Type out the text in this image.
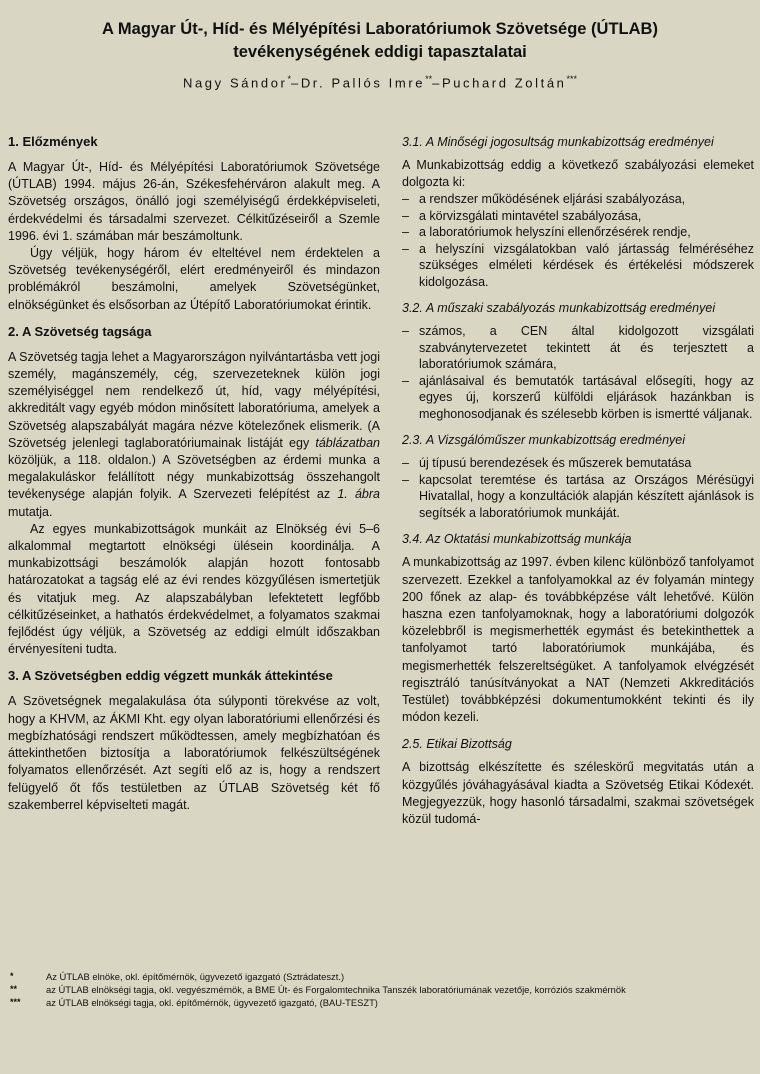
A Magyar Út-, Híd- és Mélyépítési Laboratóriumok Szövetsége (ÚTLAB)
tevékenységének eddigi tapasztalatai
Nagy Sándor*–Dr. Pallós Imre**–Puchard Zoltán***
1. Előzmények

A Magyar Út-, Híd- és Mélyépítési Laboratóriumok Szövetsége (ÚTLAB) 1994. május 26-án, Székesfehérváron alakult meg. A Szövetség országos, önálló jogi személyiségű érdekképviseleti, érdekvédelmi és társadalmi szervezet. Célkitűzéseiről a Szemle 1996. évi 1. számában már beszámoltunk.

Úgy véljük, hogy három év elteltével nem érdektelen a Szövetség tevékenységéről, elért eredményeiről és mindazon problémákról beszámolni, amelyek Szövetségünket, elnökségünket és elsősorban az Útépítő Laboratóriumokat érintik.

2. A Szövetség tagsága

A Szövetség tagja lehet a Magyarországon nyilvántartásba vett jogi személy, magánszemély, cég, szervezeteknek külön jogi személyiséggel nem rendelkező út, híd, vagy mélyépítési, akkreditált vagy egyéb módon minősített laboratóriuma, amelyek a Szövetség alapszabályát magára nézve kötelezőnek elismerik. (A Szövetség jelenlegi taglaboratóriumainak listáját egy táblázatban közöljük, a 118. oldalon.) A Szövetségben az érdemi munka a megalakuláskor felállított négy munkabizottság összehangolt tevékenysége alapján folyik. A Szervezeti felépítést az 1. ábra mutatja.

Az egyes munkabizottságok munkáit az Elnökség évi 5–6 alkalommal megtartott elnökségi ülésein koordinálja. A munkabizottsági beszámolók alapján hozott fontosabb határozatokat a tagság elé az évi rendes közgyűlésen ismertetjük és vitatjuk meg. Az alapszabályban lefektetett legfőbb célkitűzéseinket, a hathatós érdekvédelmet, a folyamatos szakmai fejlődést úgy véljük, a Szövetség az eddigi elmúlt időszakban érvényesíteni tudta.

3. A Szövetségben eddig végzett munkák áttekintése

A Szövetségnek megalakulása óta súlyponti törekvése az volt, hogy a KHVM, az ÁKMI Kht. egy olyan laboratóriumi ellenőrzési és megbízhatósági rendszert működtessen, amely megbízhatóan és áttekinthetően biztosítja a laboratóriumok felkészültségének folyamatos ellenőrzését. Azt segíti elő az is, hogy a rendszert felügyelő őt fős testületben az ÚTLAB Szövetség két fő szakemberrel képviselteti magát.

3.1. A Minőségi jogosultság munkabizottság eredményei

A Munkabizottság eddig a következő szabályozási elemeket dolgozta ki:

– a rendszer működésének eljárási szabályozása,
– a körvizsgálati mintavétel szabályozása,
– a laboratóriumok helyszíni ellenőrzésérek rendje,
– a helyszíni vizsgálatokban való jártasság felméréséhez szükséges elméleti kérdések és értékelési módszerek kidolgozása.
3.2. A műszaki szabályozás munkabizottság eredményei
– számos, a CEN által kidolgozott vizsgálati szabványtervezetet tekintett át és terjesztett a laboratóriumok számára,
– ajánlásaival és bemutatók tartásával elősegíti, hogy az egyes új, korszerű külföldi eljárások hazánkban is meghonosodjanak és szélesebb körben is ismertté váljanak.
2.3. A Vizsgálóműszer munkabizottság eredményei
– új típusú berendezések és műszerek bemutatása
– kapcsolat teremtése és tartása az Országos Mérésügyi Hivatallal, hogy a konzultációk alapján készített ajánlások is segítsék a laboratóriumok munkáját.
3.4. Az Oktatási munkabizottság munkája

A munkabizottság az 1997. évben kilenc különböző tanfolyamot szervezett. Ezekkel a tanfolyamokkal az év folyamán mintegy 200 főnek az alap- és továbbképzése vált lehetővé. Külön haszna ezen tanfolyamoknak, hogy a laboratóriumi dolgozók közelebbről is megismerhették egymást és betekinthettek a tanfolyamot tartó laboratóriumok munkájába, és megismerhették felszereltségüket. A tanfolyamok elvégzését regisztráló tanúsítványokat a NAT (Nemzeti Akkreditációs Testület) továbbképzési dokumentumokként tekinti és ily módon kezeli.

2.5. Etikai Bizottság

A bizottság elkészítette és széleskörű megvitatás után a közgyűlés jóváhagyásával kiadta a Szövetség Etikai Kódexét. Megjegyezzük, hogy hasonló társadalmi, szakmai szövetségek közül tudomá-

*	Az ÚTLAB elnöke, okl. építőmérnök, ügyvezető igazgató (Sztrádateszt.)
**	az ÚTLAB elnökségi tagja, okl. vegyészmérnök, a BME Út- és Forgalomtechnika Tanszék laboratóriumának vezetője, korróziós szakmérnök
***	az ÚTLAB elnökségi tagja, okl. építőmérnök, ügyvezető igazgató, (BAU-TESZT)
